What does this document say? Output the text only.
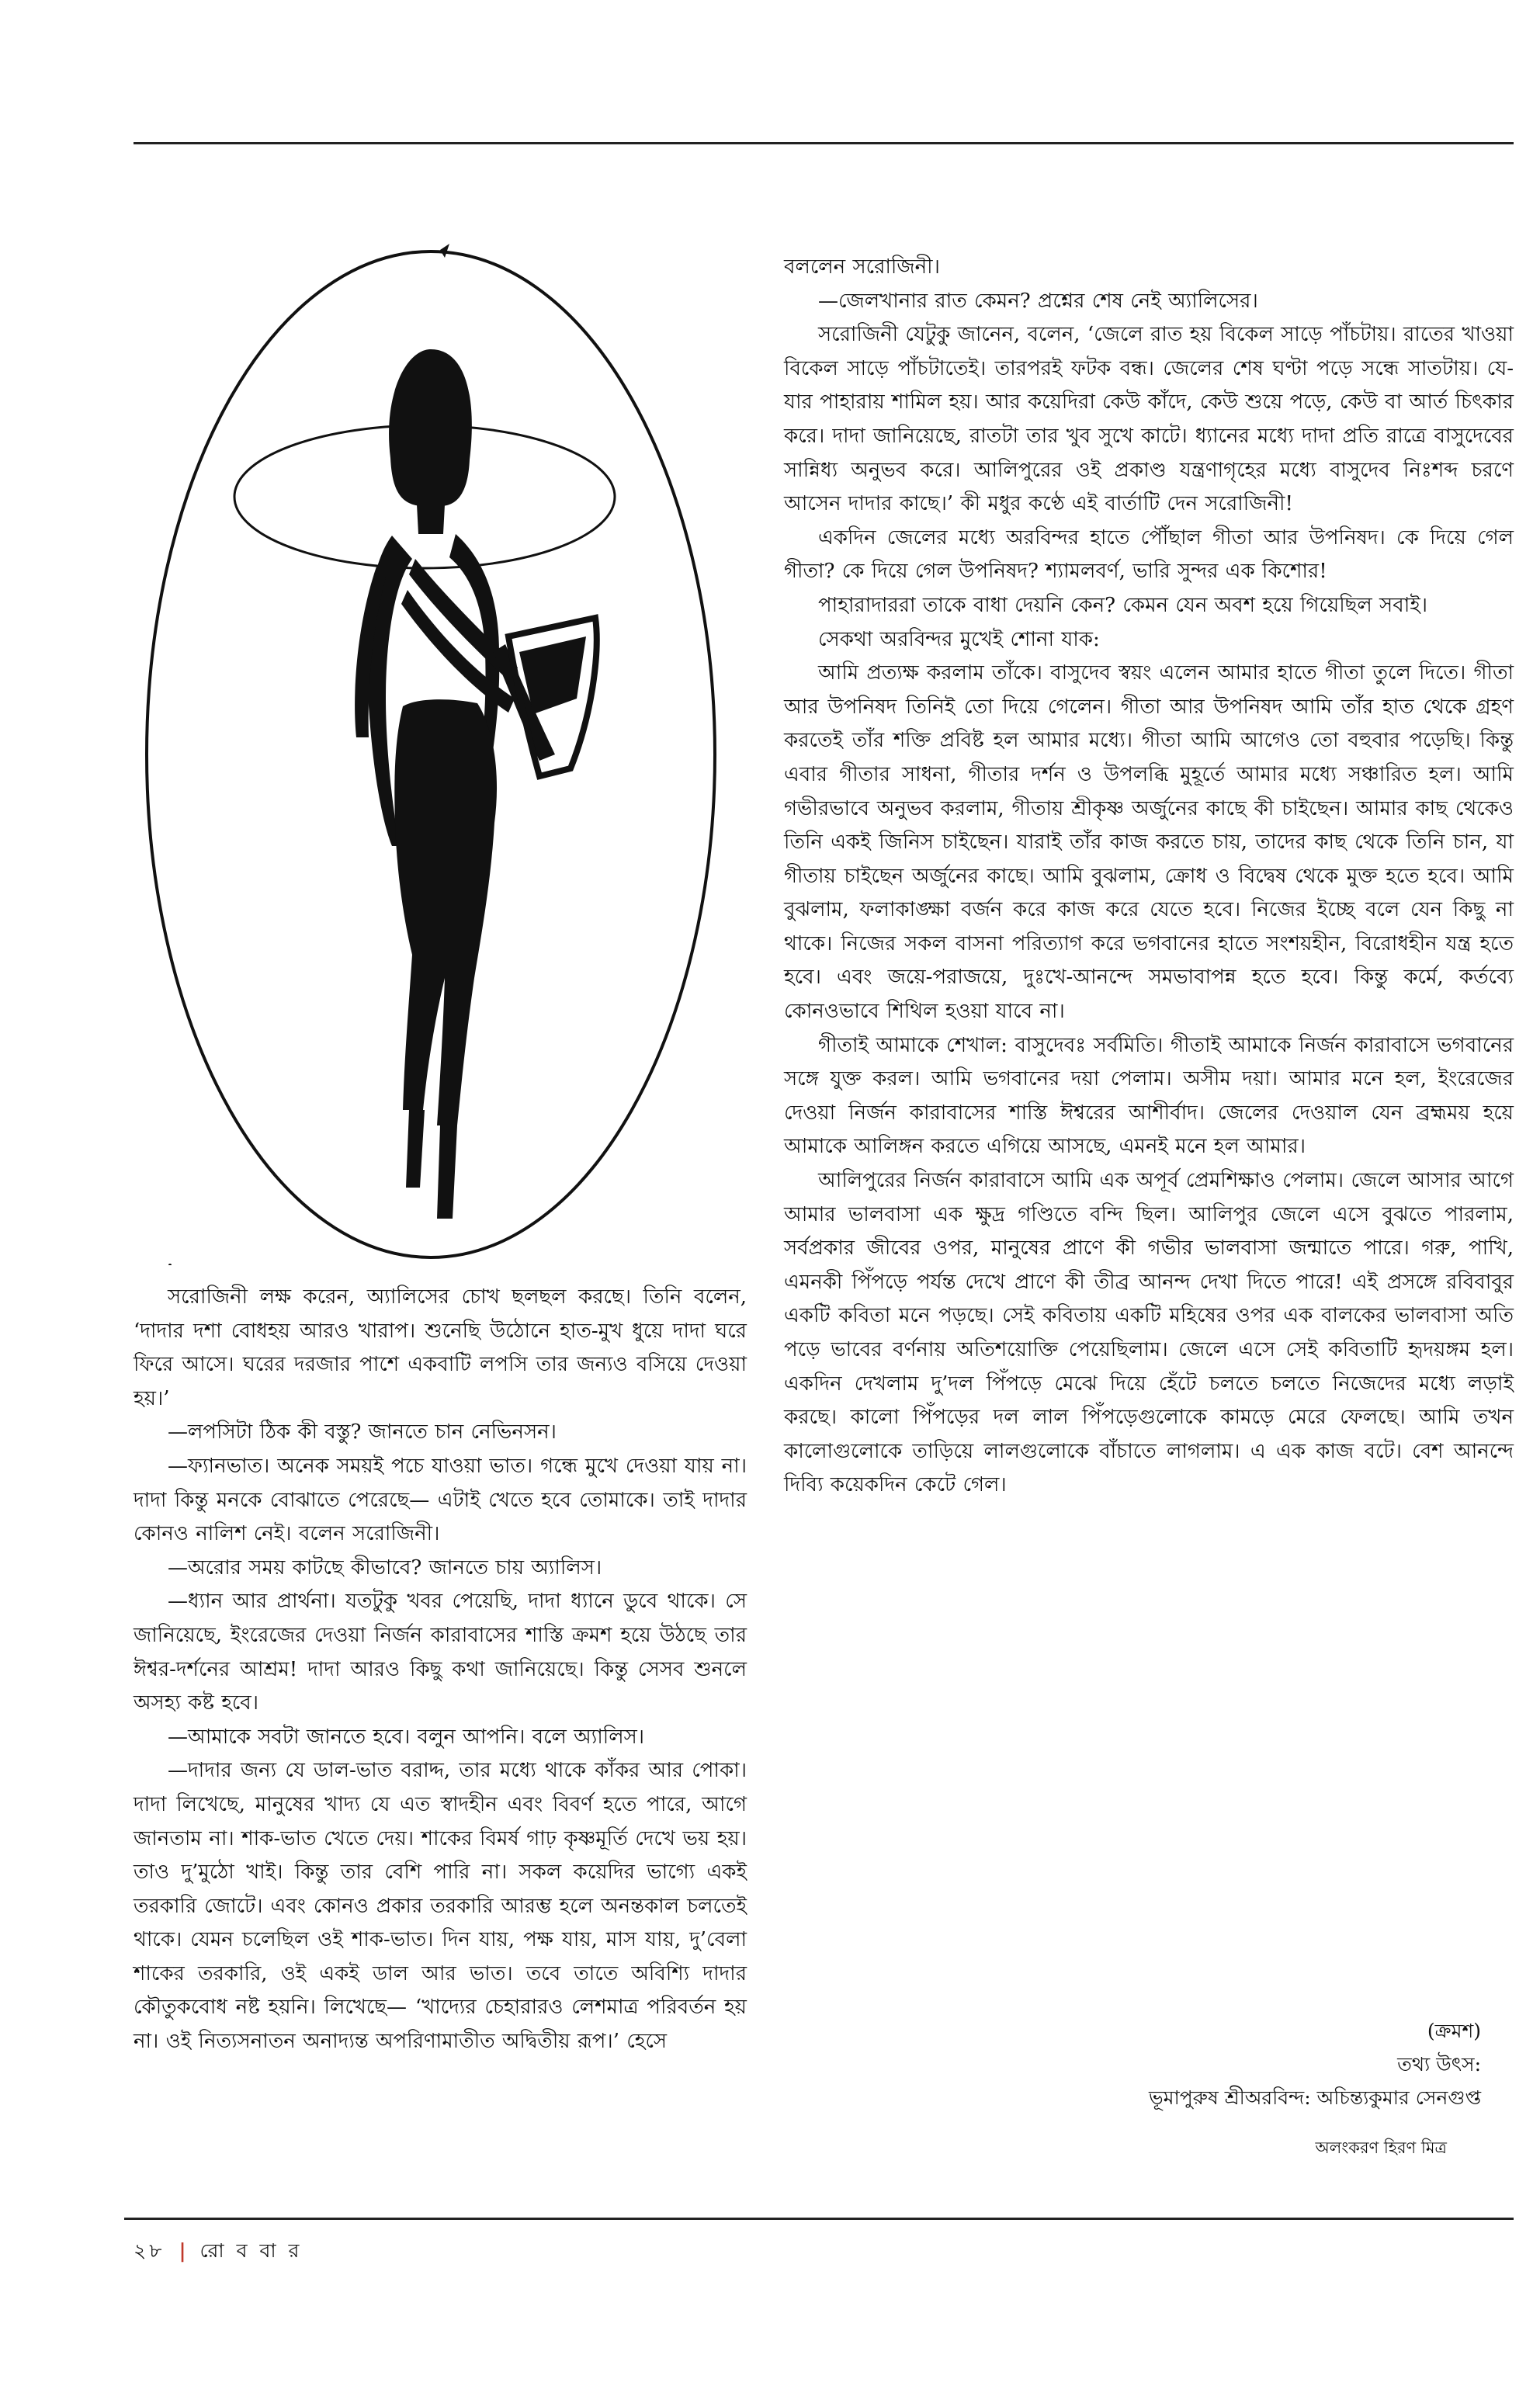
সরোজিনী লক্ষ করেন, অ্যালিসের চোখ ছলছল করছে। তিনি বলেন, ‘দাদার দশা বোধহয় আরও খারাপ। শুনেছি উঠোনে হাত-মুখ ধুয়ে দাদা ঘরে ফিরে আসে। ঘরের দরজার পাশে একবাটি লপসি তার জন্যও বসিয়ে দেওয়া হয়।’

—লপসিটা ঠিক কী বস্তু? জানতে চান নেভিনসন।

—ফ্যানভাত। অনেক সময়ই পচে যাওয়া ভাত। গন্ধে মুখে দেওয়া যায় না। দাদা কিন্তু মনকে বোঝাতে পেরেছে— এটাই খেতে হবে তোমাকে। তাই দাদার কোনও নালিশ নেই। বলেন সরোজিনী।

—অরোর সময় কাটছে কীভাবে? জানতে চায় অ্যালিস।

—ধ্যান আর প্রার্থনা। যতটুকু খবর পেয়েছি, দাদা ধ্যানে ডুবে থাকে। সে জানিয়েছে, ইংরেজের দেওয়া নির্জন কারাবাসের শাস্তি ক্রমশ হয়ে উঠছে তার ঈশ্বর-দর্শনের আশ্রম! দাদা আরও কিছু কথা জানিয়েছে। কিন্তু সেসব শুনলে অসহ্য কষ্ট হবে।

—আমাকে সবটা জানতে হবে। বলুন আপনি। বলে অ্যালিস।

—দাদার জন্য যে ডাল-ভাত বরাদ্দ, তার মধ্যে থাকে কাঁকর আর পোকা। দাদা লিখেছে, মানুষের খাদ্য যে এত স্বাদহীন এবং বিবর্ণ হতে পারে, আগে জানতাম না। শাক-ভাত খেতে দেয়। শাকের বিমর্ষ গাঢ় কৃষ্ণমূর্তি দেখে ভয় হয়। তাও দু’মুঠো খাই। কিন্তু তার বেশি পারি না। সকল কয়েদির ভাগ্যে একই তরকারি জোটে। এবং কোনও প্রকার তরকারি আরম্ভ হলে অনন্তকাল চলতেই থাকে। যেমন চলেছিল ওই শাক-ভাত। দিন যায়, পক্ষ যায়, মাস যায়, দু’বেলা শাকের তরকারি, ওই একই ডাল আর ভাত। তবে তাতে অবিশ্যি দাদার কৌতুকবোধ নষ্ট হয়নি। লিখেছে— ‘খাদ্যের চেহারারও লেশমাত্র পরিবর্তন হয় না। ওই নিত্যসনাতন অনাদ্যন্ত অপরিণামাতীত অদ্বিতীয় রূপ।’ হেসে

বললেন সরোজিনী।

—জেলখানার রাত কেমন? প্রশ্নের শেষ নেই অ্যালিসের।

সরোজিনী যেটুকু জানেন, বলেন, ‘জেলে রাত হয় বিকেল সাড়ে পাঁচটায়। রাতের খাওয়া বিকেল সাড়ে পাঁচটাতেই। তারপরই ফটক বন্ধ। জেলের শেষ ঘণ্টা পড়ে সন্ধে সাতটায়। যে-যার পাহারায় শামিল হয়। আর কয়েদিরা কেউ কাঁদে, কেউ শুয়ে পড়ে, কেউ বা আর্ত চিৎকার করে। দাদা জানিয়েছে, রাতটা তার খুব সুখে কাটে। ধ্যানের মধ্যে দাদা প্রতি রাত্রে বাসুদেবের সান্নিধ্য অনুভব করে। আলিপুরের ওই প্রকাণ্ড যন্ত্রণাগৃহের মধ্যে বাসুদেব নিঃশব্দ চরণে আসেন দাদার কাছে।’ কী মধুর কণ্ঠে এই বার্তাটি দেন সরোজিনী!

একদিন জেলের মধ্যে অরবিন্দর হাতে পৌঁছাল গীতা আর উপনিষদ। কে দিয়ে গেল গীতা? কে দিয়ে গেল উপনিষদ? শ্যামলবর্ণ, ভারি সুন্দর এক কিশোর!

পাহারাদাররা তাকে বাধা দেয়নি কেন? কেমন যেন অবশ হয়ে গিয়েছিল সবাই।

সেকথা অরবিন্দর মুখেই শোনা যাক:

আমি প্রত্যক্ষ করলাম তাঁকে। বাসুদেব স্বয়ং এলেন আমার হাতে গীতা তুলে দিতে। গীতা আর উপনিষদ তিনিই তো দিয়ে গেলেন। গীতা আর উপনিষদ আমি তাঁর হাত থেকে গ্রহণ করতেই তাঁর শক্তি প্রবিষ্ট হল আমার মধ্যে। গীতা আমি আগেও তো বহুবার পড়েছি। কিন্তু এবার গীতার সাধনা, গীতার দর্শন ও উপলব্ধি মুহূর্তে আমার মধ্যে সঞ্চারিত হল। আমি গভীরভাবে অনুভব করলাম, গীতায় শ্রীকৃষ্ণ অর্জুনের কাছে কী চাইছেন। আমার কাছ থেকেও তিনি একই জিনিস চাইছেন। যারাই তাঁর কাজ করতে চায়, তাদের কাছ থেকে তিনি চান, যা গীতায় চাইছেন অর্জুনের কাছে। আমি বুঝলাম, ক্রোধ ও বিদ্বেষ থেকে মুক্ত হতে হবে। আমি বুঝলাম, ফলাকাঙ্ক্ষা বর্জন করে কাজ করে যেতে হবে। নিজের ইচ্ছে বলে যেন কিছু না থাকে। নিজের সকল বাসনা পরিত্যাগ করে ভগবানের হাতে সংশয়হীন, বিরোধহীন যন্ত্র হতে হবে। এবং জয়ে-পরাজয়ে, দুঃখে-আনন্দে সমভাবাপন্ন হতে হবে। কিন্তু কর্মে, কর্তব্যে কোনওভাবে শিথিল হওয়া যাবে না।

গীতাই আমাকে শেখাল: বাসুদেবঃ সর্বমিতি। গীতাই আমাকে নির্জন কারাবাসে ভগবানের সঙ্গে যুক্ত করল। আমি ভগবানের দয়া পেলাম। অসীম দয়া। আমার মনে হল, ইংরেজের দেওয়া নির্জন কারাবাসের শাস্তি ঈশ্বরের আশীর্বাদ। জেলের দেওয়াল যেন ব্রহ্মময় হয়ে আমাকে আলিঙ্গন করতে এগিয়ে আসছে, এমনই মনে হল আমার।

আলিপুরের নির্জন কারাবাসে আমি এক অপূর্ব প্রেমশিক্ষাও পেলাম। জেলে আসার আগে আমার ভালবাসা এক ক্ষুদ্র গণ্ডিতে বন্দি ছিল। আলিপুর জেলে এসে বুঝতে পারলাম, সর্বপ্রকার জীবের ওপর, মানুষের প্রাণে কী গভীর ভালবাসা জন্মাতে পারে। গরু, পাখি, এমনকী পিঁপড়ে পর্যন্ত দেখে প্রাণে কী তীব্র আনন্দ দেখা দিতে পারে! এই প্রসঙ্গে রবিবাবুর একটি কবিতা মনে পড়ছে। সেই কবিতায় একটি মহিষের ওপর এক বালকের ভালবাসা অতি পড়ে ভাবের বর্ণনায় অতিশয়োক্তি পেয়েছিলাম। জেলে এসে সেই কবিতাটি হৃদয়ঙ্গম হল। একদিন দেখলাম দু’দল পিঁপড়ে মেঝে দিয়ে হেঁটে চলতে চলতে নিজেদের মধ্যে লড়াই করছে। কালো পিঁপড়ের দল লাল পিঁপড়েগুলোকে কামড়ে মেরে ফেলছে। আমি তখন কালোগুলোকে তাড়িয়ে লালগুলোকে বাঁচাতে লাগলাম। এ এক কাজ বটে। বেশ আনন্দে দিব্যি কয়েকদিন কেটে গেল।

(ক্রমশ)
তথ্য উৎস:
ভূমাপুরুষ শ্রীঅরবিন্দ: অচিন্ত্যকুমার সেনগুপ্ত
অলংকরণ হিরণ মিত্র
২৮ | রো ব বা র
